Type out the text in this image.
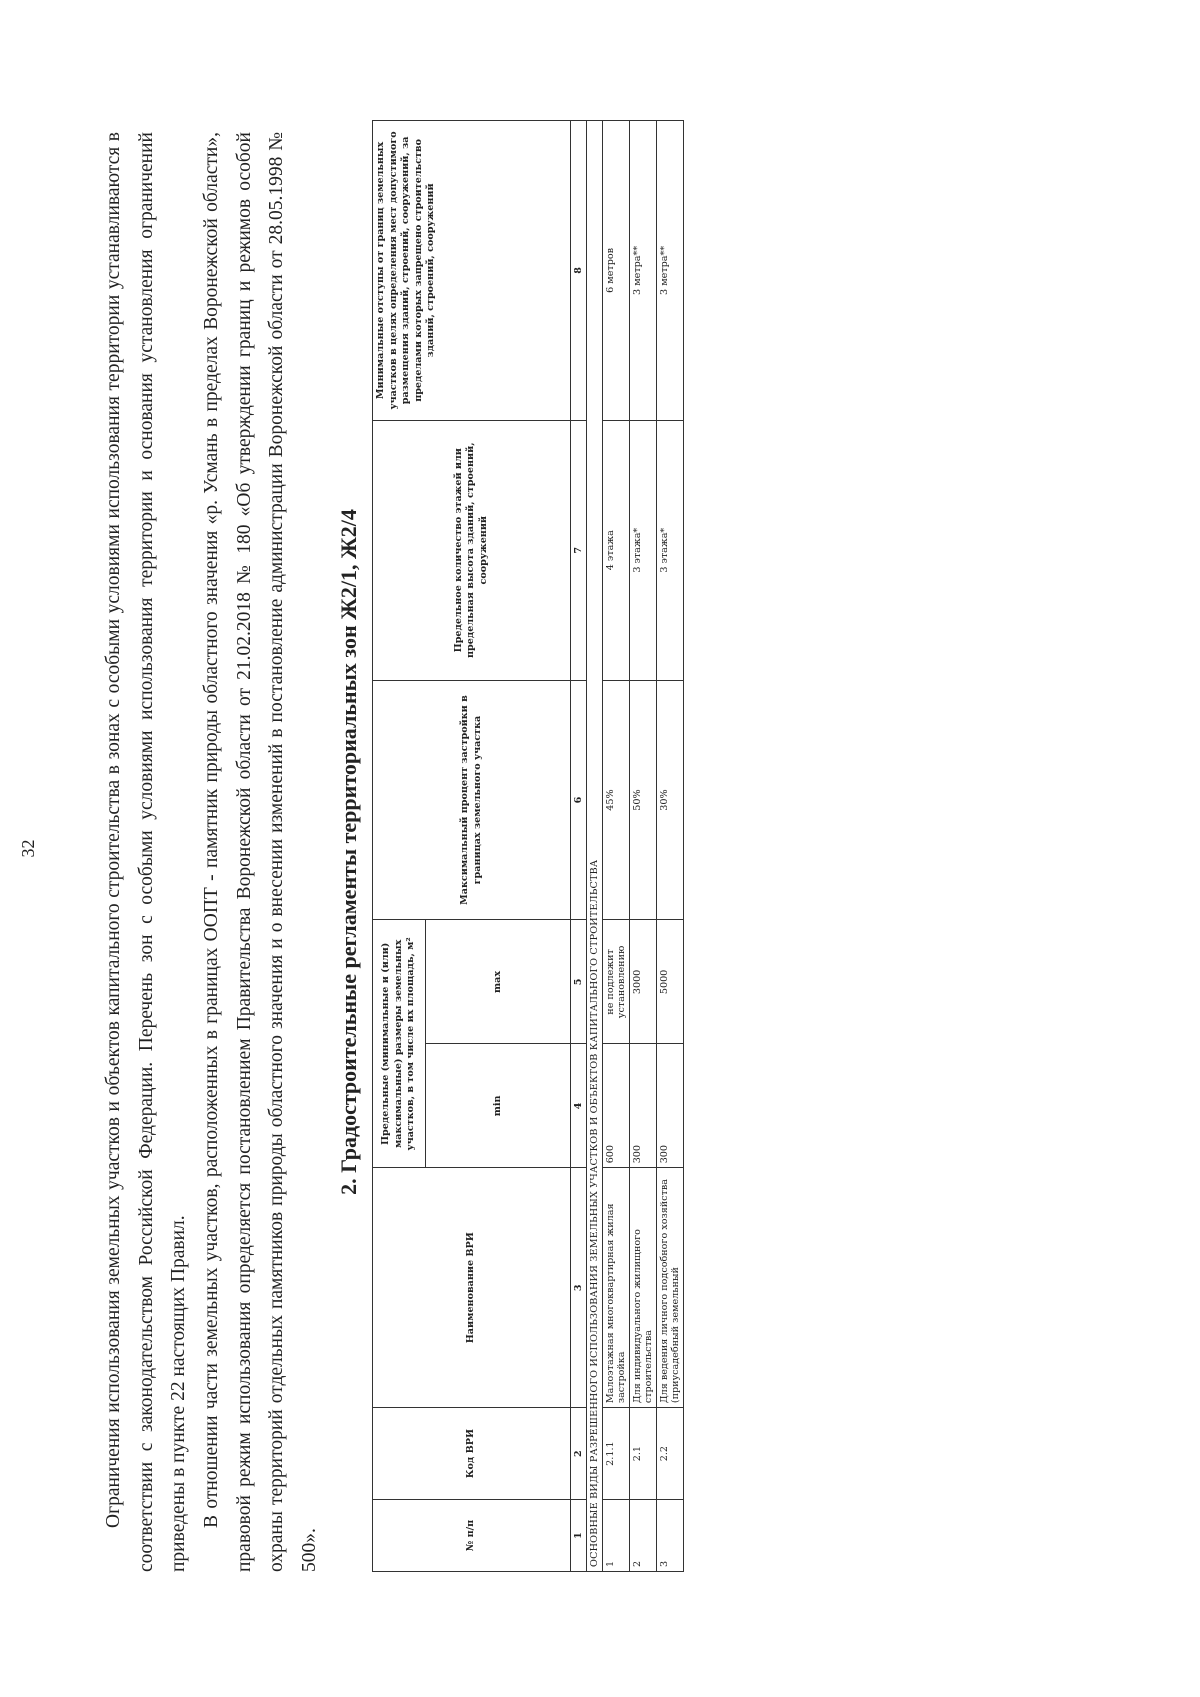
32	Ограничения использования земельных участков и объектов капитального строительства в зонах с особыми условиями использования территории устанавливаются в соответствии с законодательством Российской Федерации. Перечень зон с особыми условиями использования территории и основания установления ограничений приведены в пункте 22 настоящих Правил. В отношении части земельных участков, расположенных в границах ООПТ - памятник природы областного значения «р. Усмань в пределах Воронежской области», правовой режим использования определяется постановлением Правительства Воронежской области от 21.02.2018 № 180 «Об утверждении границ и режимов особой охраны территорий отдельных памятников природы областного значения и о внесении изменений в постановление администрации Воронежской области от 28.05.1998 № 500».

2. Градостроительные регламенты территориальных зон Ж2/1, Ж2/4
№ п/п	Код ВРИ	Наименование ВРИ	Предельные (минимальные и (или) максимальные) размеры земельных участков, в том числе их площадь, м²		Максимальный процент застройки в границах земельного участка	Предельное количество этажей или предельная высота зданий, строений, сооружений	Минимальные отступы от границ земельных участков в целях определения мест допустимого размещения зданий, строений, сооружений, за пределами которых запрещено строительство зданий, строений, сооружений
			min	max			
1	2	3	4	5	6	7	8
ОСНОВНЫЕ ВИДЫ РАЗРЕШЕННОГО ИСПОЛЬЗОВАНИЯ ЗЕМЕЛЬНЫХ УЧАСТКОВ И ОБЪЕКТОВ КАПИТАЛЬНОГО СТРОИТЕЛЬСТВА							
1	2.1.1	Малоэтажная многоквартирная жилая застройка	600	не подлежит установлению	45%	4 этажа	6 метров
2	2.1	Для индивидуального жилищного строительства	300	3000	50%	3 этажа*	3 метра**
3	2.2	Для ведения личного подсобного хозяйства (приусадебный земельный	300	5000	30%	3 этажа*	3 метра**
